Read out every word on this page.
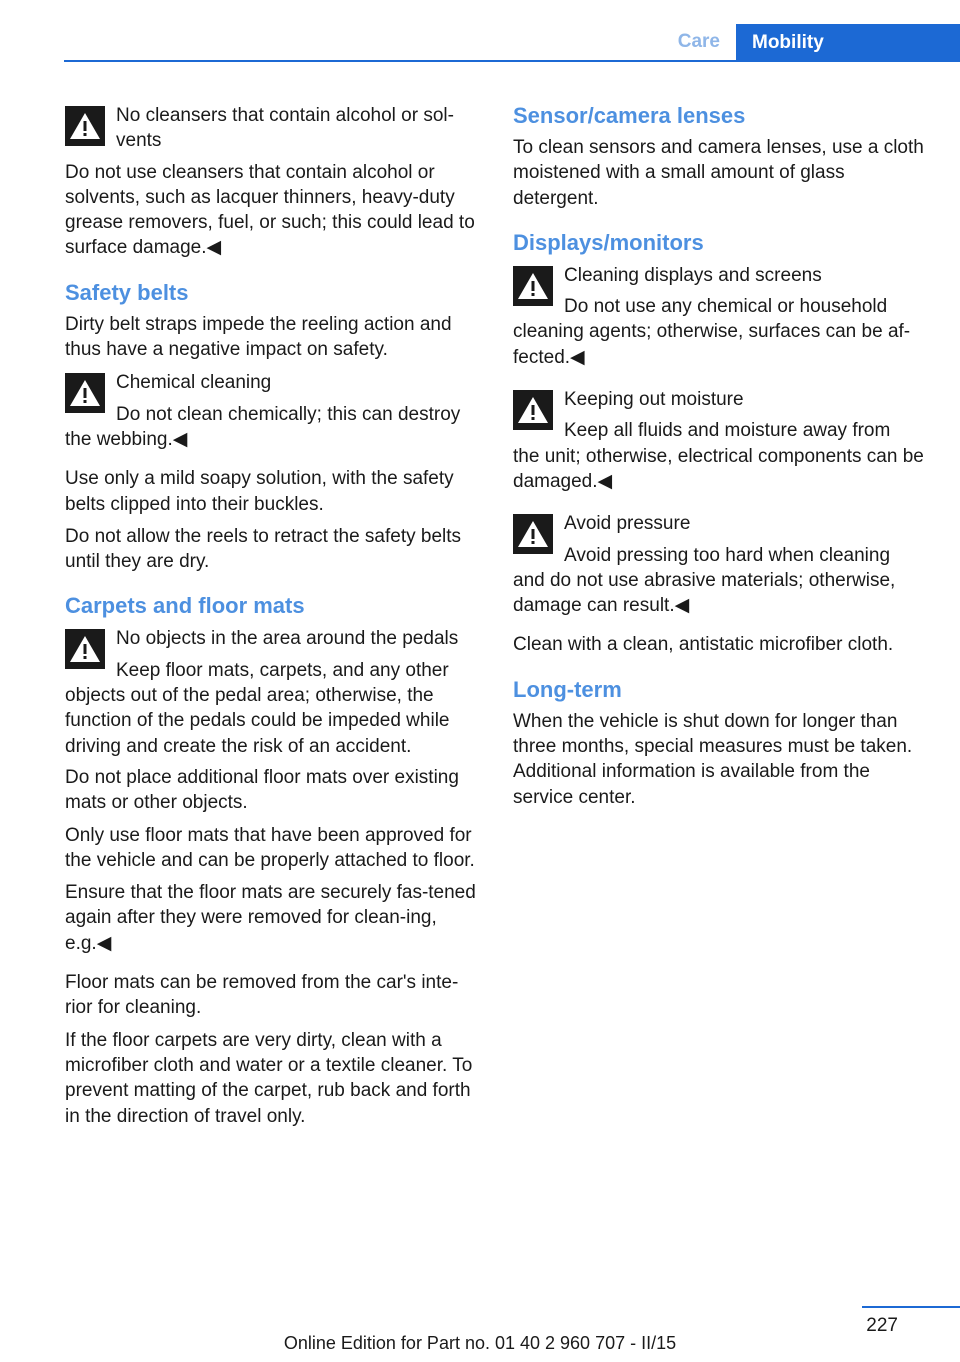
Care	Mobility
No cleansers that contain alcohol or sol-
vents

Do not use cleansers that contain alcohol or solvents, such as lacquer thinners, heavy-duty grease removers, fuel, or such; this could lead to surface damage.◀

Safety belts

Dirty belt straps impede the reeling action and thus have a negative impact on safety.

Chemical cleaning
Do not clean chemically; this can destroy

the webbing.◀

Use only a mild soapy solution, with the safety belts clipped into their buckles.

Do not allow the reels to retract the safety belts until they are dry.

Carpets and floor mats
No objects in the area around the pedals
Keep floor mats, carpets, and any other

objects out of the pedal area; otherwise, the function of the pedals could be impeded while driving and create the risk of an accident.

Do not place additional floor mats over existing mats or other objects.

Only use floor mats that have been approved for the vehicle and can be properly attached to floor.

Ensure that the floor mats are securely fas-tened again after they were removed for clean-ing, e.g.◀

Floor mats can be removed from the car's inte-rior for cleaning.

If the floor carpets are very dirty, clean with a microfiber cloth and water or a textile cleaner. To prevent matting of the carpet, rub back and forth in the direction of travel only.

Sensor/camera lenses

To clean sensors and camera lenses, use a cloth moistened with a small amount of glass detergent.

Displays/monitors
Cleaning displays and screens
Do not use any chemical or household

cleaning agents; otherwise, surfaces can be af-fected.◀

Keeping out moisture
Keep all fluids and moisture away from

the unit; otherwise, electrical components can be damaged.◀

Avoid pressure
Avoid pressing too hard when cleaning

and do not use abrasive materials; otherwise, damage can result.◀

Clean with a clean, antistatic microfiber cloth.

Long-term

When the vehicle is shut down for longer than three months, special measures must be taken. Additional information is available from the service center.

227
Online Edition for Part no. 01 40 2 960 707 - II/15
